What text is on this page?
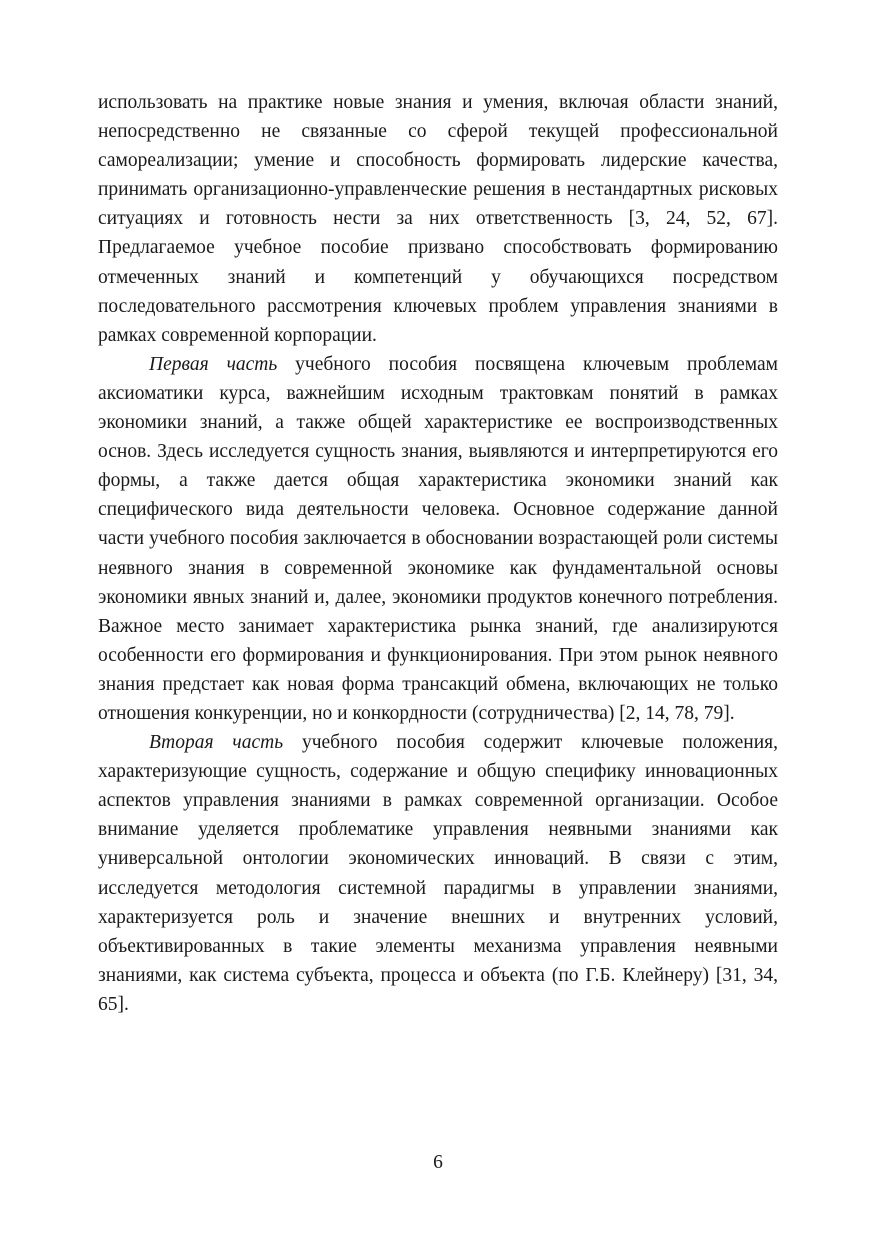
использовать на практике новые знания и умения, включая области знаний, непосредственно не связанные со сферой текущей профессиональной самореализации; умение и способность формировать лидерские качества, принимать организационно-управленческие решения в нестандартных рисковых ситуациях и готовность нести за них ответственность [3, 24, 52, 67]. Предлагаемое учебное пособие призвано способствовать формированию отмеченных знаний и компетенций у обучающихся посредством последовательного рассмотрения ключевых проблем управления знаниями в рамках современной корпорации.

Первая часть учебного пособия посвящена ключевым проблемам аксиоматики курса, важнейшим исходным трактовкам понятий в рамках экономики знаний, а также общей характеристике ее воспроизводственных основ. Здесь исследуется сущность знания, выявляются и интерпретируются его формы, а также дается общая характеристика экономики знаний как специфического вида деятельности человека. Основное содержание данной части учебного пособия заключается в обосновании возрастающей роли системы неявного знания в современной экономике как фундаментальной основы экономики явных знаний и, далее, экономики продуктов конечного потребления. Важное место занимает характеристика рынка знаний, где анализируются особенности его формирования и функционирования. При этом рынок неявного знания предстает как новая форма трансакций обмена, включающих не только отношения конкуренции, но и конкордности (сотрудничества) [2, 14, 78, 79].

Вторая часть учебного пособия содержит ключевые положения, характеризующие сущность, содержание и общую специфику инновационных аспектов управления знаниями в рамках современной организации. Особое внимание уделяется проблематике управления неявными знаниями как универсальной онтологии экономических инноваций. В связи с этим, исследуется методология системной парадигмы в управлении знаниями, характеризуется роль и значение внешних и внутренних условий, объективированных в такие элементы механизма управления неявными знаниями, как система субъекта, процесса и объекта (по Г.Б. Клейнеру) [31, 34, 65].

6
